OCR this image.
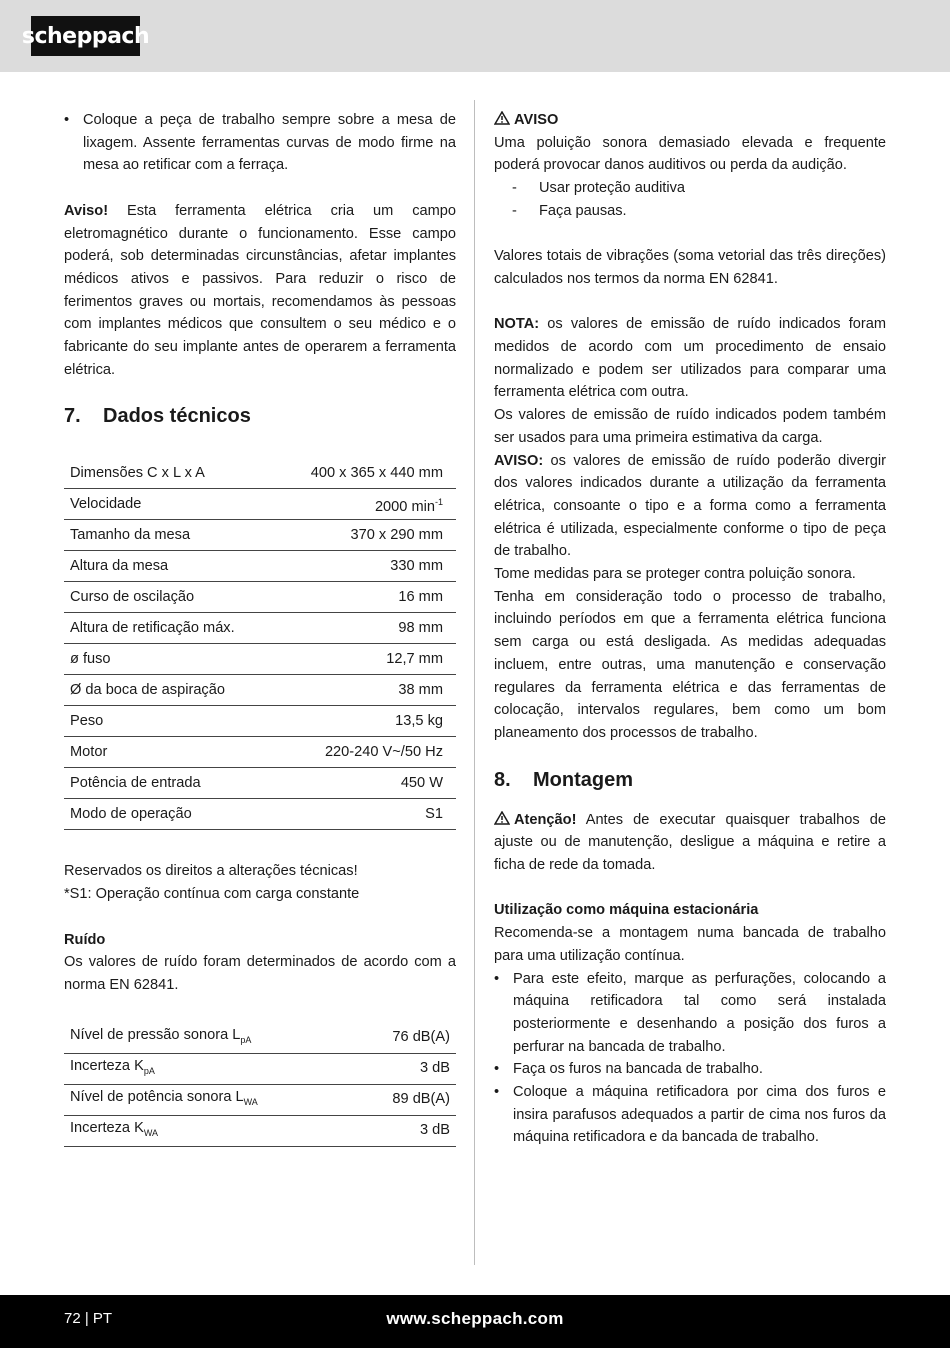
scheppach
• Coloque a peça de trabalho sempre sobre a mesa de lixagem. Assente ferramentas curvas de modo firme na mesa ao retificar com a ferraça.

Aviso! Esta ferramenta elétrica cria um campo eletromagnético durante o funcionamento. Esse campo poderá, sob determinadas circunstâncias, afetar implantes médicos ativos e passivos. Para reduzir o risco de ferimentos graves ou mortais, recomendamos às pessoas com implantes médicos que consultem o seu médico e o fabricante do seu implante antes de operarem a ferramenta elétrica.

7. Dados técnicos
Dimensões C x L x A	400 x 365 x 440 mm
Velocidade	2000 $\min^{-1}$
Tamanho da mesa	370 x 290 mm
Altura da mesa	330 mm
Curso de oscilação	16 mm
Altura de retificação máx.	98 mm
ø fuso	12,7 mm
Ø da boca de aspiração	38 mm
Peso	13,5 kg
Motor	220-240 V~/50 Hz
Potência de entrada	450 W
Modo de operação	S1

Reservados os direitos a alterações técnicas!

*S1: Operação contínua com carga constante

Ruído

Os valores de ruído foram determinados de acordo com a norma EN 62841.

Nível de pressão sonora $L_{pA}$	76 dB(A)
Incerteza $K_{pA}$	3 dB
Nível de potência sonora $L_{WA}$	89 dB(A)
Incerteza $K_{WA}$	3 dB

AVISO

Uma poluição sonora demasiado elevada e frequente poderá provocar danos auditivos ou perda da audição.

- Usar proteção auditiva
- Faça pausas.

Valores totais de vibrações (soma vetorial das três direções) calculados nos termos da norma EN 62841.

NOTA: os valores de emissão de ruído indicados foram medidos de acordo com um procedimento de ensaio normalizado e podem ser utilizados para comparar uma ferramenta elétrica com outra.

Os valores de emissão de ruído indicados podem também ser usados para uma primeira estimativa da carga.

AVISO: os valores de emissão de ruído poderão divergir dos valores indicados durante a utilização da ferramenta elétrica, consoante o tipo e a forma como a ferramenta elétrica é utilizada, especialmente conforme o tipo de peça de trabalho.

Tome medidas para se proteger contra poluição sonora.

Tenha em consideração todo o processo de trabalho, incluindo períodos em que a ferramenta elétrica funciona sem carga ou está desligada. As medidas adequadas incluem, entre outras, uma manutenção e conservação regulares da ferramenta elétrica e das ferramentas de colocação, intervalos regulares, bem como um bom planeamento dos processos de trabalho.

8. Montagem

Atenção! Antes de executar quaisquer trabalhos de ajuste ou de manutenção, desligue a máquina e retire a ficha de rede da tomada.

Utilização como máquina estacionária

Recomenda-se a montagem numa bancada de trabalho para uma utilização contínua.

• Para este efeito, marque as perfurações, colocando a máquina retificadora tal como será instalada posteriormente e desenhando a posição dos furos a perfurar na bancada de trabalho.
• Faça os furos na bancada de trabalho.
• Coloque a máquina retificadora por cima dos furos e insira parafusos adequados a partir de cima nos furos da máquina retificadora e da bancada de trabalho.
72 | PT	www.scheppach.com
